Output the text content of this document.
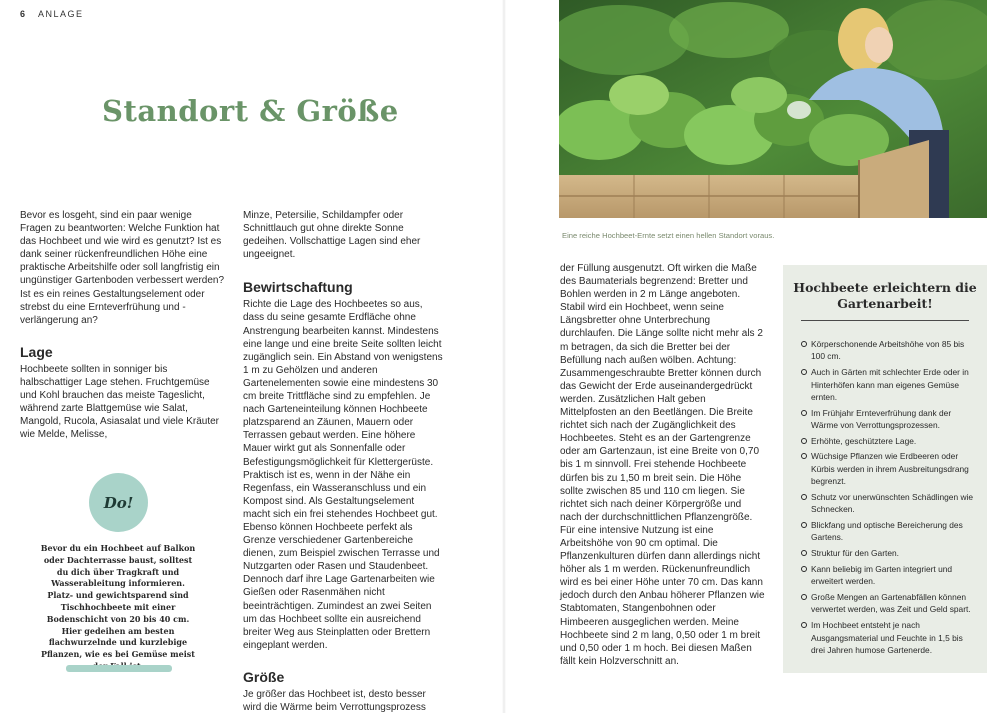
6 ANLAGE
Standort & Größe

Bevor es losgeht, sind ein paar wenige Fragen zu beantworten: Welche Funktion hat das Hochbeet und wie wird es genutzt? Ist es dank seiner rückenfreundlichen Höhe eine praktische Arbeitshilfe oder soll langfristig ein ungünstiger Gartenboden verbessert werden? Ist es ein reines Gestaltungselement oder strebst du eine Ernteverfrühung und -verlängerung an?

Lage

Hochbeete sollten in sonniger bis halbschattiger Lage stehen. Fruchtgemüse und Kohl brauchen das meiste Tageslicht, während zarte Blattgemüse wie Salat, Mangold, Rucola, Asiasalat und viele Kräuter wie Melde, Melisse,

Do!
Bevor du ein Hochbeet auf Balkon oder Dachterrasse baust, solltest du dich über Tragkraft und Wasserableitung informieren. Platz- und gewichtsparend sind Tischhochbeete mit einer Bodenschicht von 20 bis 40 cm. Hier gedeihen am besten flachwurzelnde und kurzlebige Pflanzen, wie es bei Gemüse meist

Minze, Petersilie, Schildampfer oder Schnittlauch gut ohne direkte Sonne gedeihen. Vollschattige Lagen sind eher ungeeignet.

Bewirtschaftung

Richte die Lage des Hochbeetes so aus, dass du seine gesamte Erdfläche ohne Anstrengung bearbeiten kannst. Mindestens eine lange und eine breite Seite sollten leicht zugänglich sein. Ein Abstand von wenigstens 1 m zu Gehölzen und anderen Gartenelementen sowie eine mindestens 30 cm breite Trittfläche sind zu empfehlen. Je nach Garteneinteilung können Hochbeete platzsparend an Zäunen, Mauern oder Terrassen gebaut werden. Eine höhere Mauer wirkt gut als Sonnenfalle oder Befestigungsmöglichkeit für Klettergerüste. Praktisch ist es, wenn in der Nähe ein Regenfass, ein Wasseranschluss und ein Kompost sind. Als Gestaltungselement macht sich ein frei stehendes Hochbeet gut. Ebenso können Hochbeete perfekt als Grenze verschiedener Gartenbereiche dienen, zum Beispiel zwischen Terrasse und Nutzgarten oder Rasen und Staudenbeet. Dennoch darf ihre Lage Gartenarbeiten wie Gießen oder Rasenmähen nicht beeinträchtigen. Zumindest an zwei Seiten um das Hochbeet sollte ein ausreichend breiter Weg aus Steinplatten oder Brettern eingeplant werden.

Größe

Je größer das Hochbeet ist, desto besser wird die Wärme beim Verrottungsprozess

Eine reiche Hochbeet-Ernte setzt einen hellen Standort voraus.

der Füllung ausgenutzt. Oft wirken die Maße des Baumaterials begrenzend: Bretter und Bohlen werden in 2 m Länge angeboten. Stabil wird ein Hochbeet, wenn seine Längsbretter ohne Unterbrechung durchlaufen. Die Länge sollte nicht mehr als 2 m betragen, da sich die Bretter bei der Befüllung nach außen wölben. Achtung: Zusammengeschraubte Bretter können durch das Gewicht der Erde auseinandergedrückt werden. Zusätzlichen Halt geben Mittelpfosten an den Beetlängen. Die Breite richtet sich nach der Zugänglichkeit des Hochbeetes. Steht es an der Gartengrenze oder am Gartenzaun, ist eine Breite von 0,70 bis 1 m sinnvoll. Frei stehende Hochbeete dürfen bis zu 1,50 m breit sein. Die Höhe sollte zwischen 85 und 110 cm liegen. Sie richtet sich nach deiner Körpergröße und nach der durchschnittlichen Pflanzengröße. Für eine intensive Nutzung ist eine Arbeitshöhe von 90 cm optimal. Die Pflanzenkulturen dürfen dann allerdings nicht höher als 1 m werden. Rückenunfreundlich wird es bei einer Höhe unter 70 cm. Das kann jedoch durch den Anbau höherer Pflanzen wie Stabtomaten, Stangenbohnen oder Himbeeren ausgeglichen werden. Meine Hochbeete sind 2 m lang, 0,50 oder 1 m breit und 0,50 oder 1 m hoch. Bei diesen Maßen fällt kein Holzverschnitt an.

Hochbeete erleichtern die Gartenarbeit!
Körperschonende Arbeitshöhe von 85 bis 100 cm.
Auch in Gärten mit schlechter Erde oder in Hinterhöfen kann man eigenes Gemüse ernten.
Im Frühjahr Ernteverfrühung dank der Wärme von Verrottungsprozessen.
Erhöhte, geschütztere Lage.
Wüchsige Pflanzen wie Erdbeeren oder Kürbis werden in ihrem Ausbreitungsdrang begrenzt.
Schutz vor unerwünschten Schädlingen wie Schnecken.
Blickfang und optische Bereicherung des Gartens.
Struktur für den Garten.
Kann beliebig im Garten integriert und erweitert werden.
Große Mengen an Gartenabfällen können verwertet werden, was Zeit und Geld spart.
Im Hochbeet entsteht je nach Ausgangsmaterial und Feuchte in 1,5 bis drei Jahren humose Gartenerde.
